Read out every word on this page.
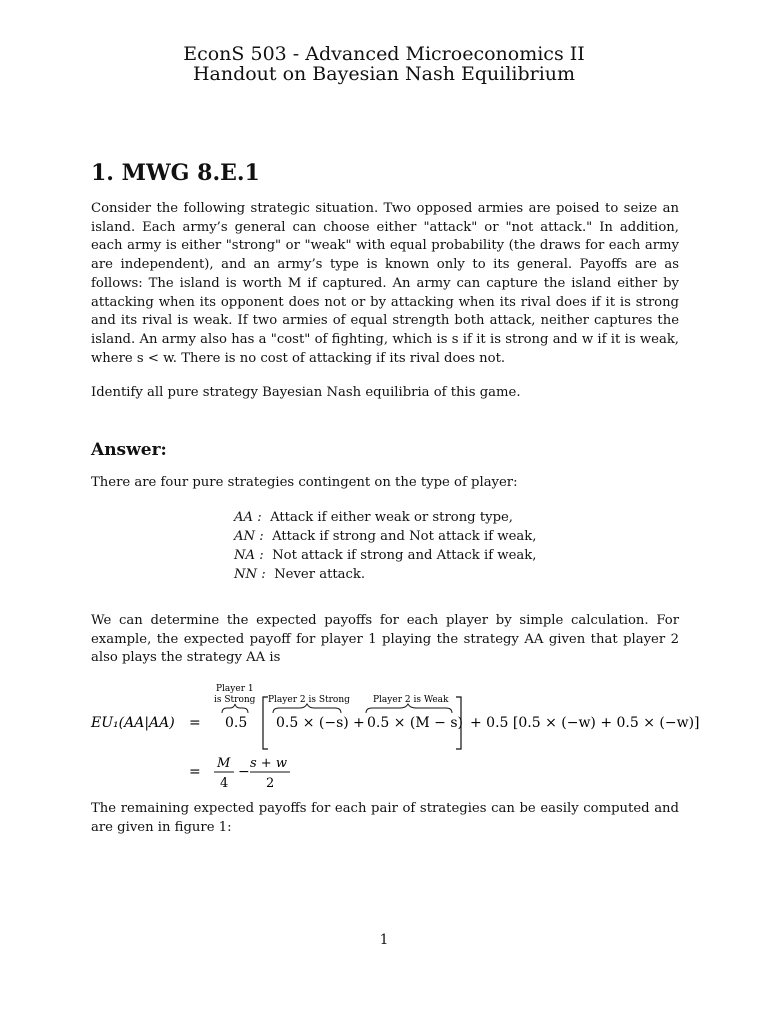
EconS 503 - Advanced Microeconomics II
Handout on Bayesian Nash Equilibrium
1. MWG 8.E.1
Consider the following strategic situation. Two opposed armies are poised to seize an island. Each army’s general can choose either "attack" or "not attack." In addition, each army is either "strong" or "weak" with equal probability (the draws for each army are independent), and an army’s type is known only to its general. Payoffs are as follows: The island is worth M if captured. An army can capture the island either by attacking when its opponent does not or by attacking when its rival does if it is strong and its rival is weak. If two armies of equal strength both attack, neither captures the island. An army also has a "cost" of fighting, which is s if it is strong and w if it is weak, where s < w. There is no cost of attacking if its rival does not.
Identify all pure strategy Bayesian Nash equilibria of this game.
Answer:
There are four pure strategies contingent on the type of player:
AA : Attack if either weak or strong type,
AN : Attack if strong and Not attack if weak,
NA : Not attack if strong and Attack if weak,
NN : Never attack.
We can determine the expected payoffs for each player by simple calculation. For example, the expected payoff for player 1 playing the strategy AA given that player 2 also plays the strategy AA is
EU₁(AA|AA) =
Player 1
is Strong
0.5
Player 2 is Strong
0.5 × (−s) +
Player 2 is Weak
0.5 × (M − s) + 0.5 [0.5 × (−w) + 0.5 × (−w)]
=
M
4
−
s + w
2
The remaining expected payoffs for each pair of strategies can be easily computed and are given in figure 1:
1
